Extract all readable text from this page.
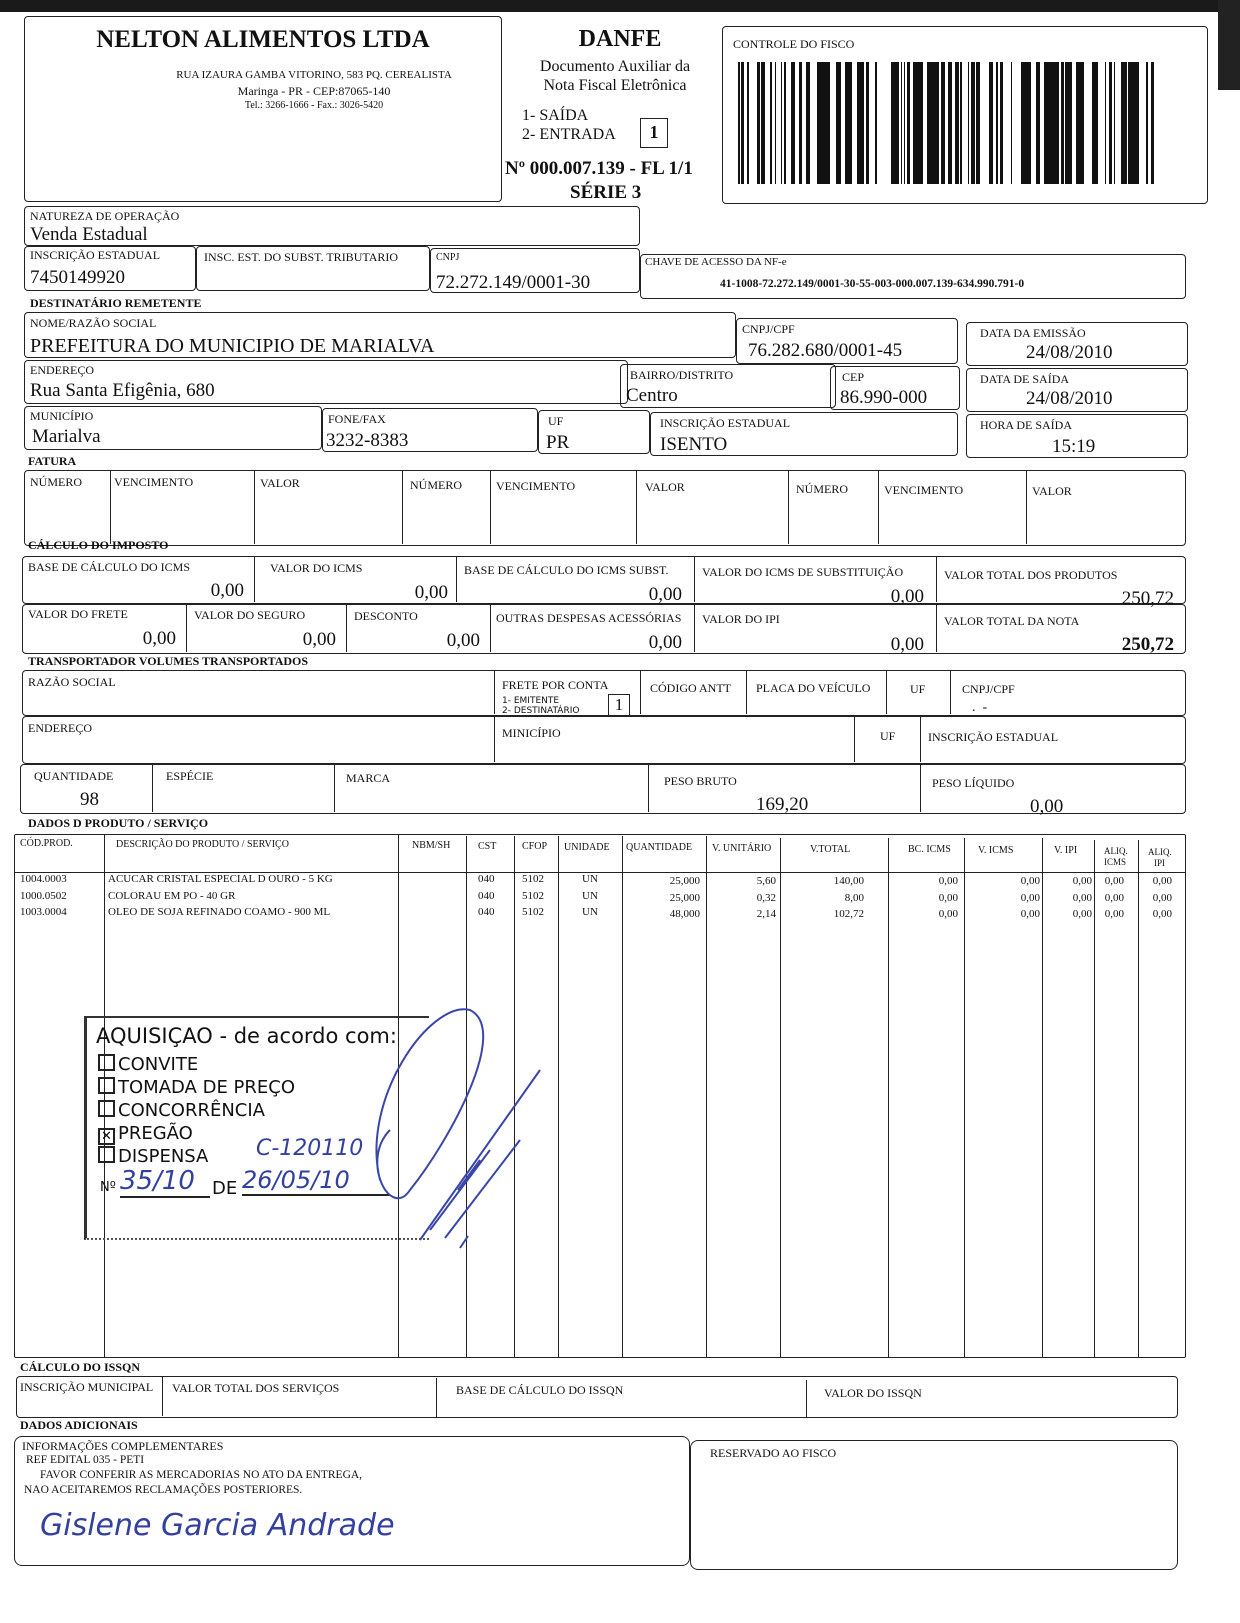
NELTON ALIMENTOS LTDA
RUA IZAURA GAMBA VITORINO, 583 PQ. CEREALISTA
Maringa - PR - CEP:87065-140
Tel.: 3266-1666 - Fax.: 3026-5420
DANFE
Documento Auxiliar da
Nota Fiscal Eletrônica
1- SAÍDA
2- ENTRADA	1
Nº 000.007.139 - FL 1/1
SÉRIE 3
CONTROLE DO FISCO
NATUREZA DE OPERAÇÃO
Venda Estadual
INSCRIÇÃO ESTADUAL
7450149920
INSC. EST. DO SUBST. TRIBUTARIO	CNPJ
72.272.149/0001-30
CHAVE DE ACESSO DA NF-e
41-1008-72.272.149/0001-30-55-003-000.007.139-634.990.791-0
DESTINATÁRIO REMETENTE
NOME/RAZÃO SOCIAL
PREFEITURA DO MUNICIPIO DE MARIALVA
CNPJ/CPF
76.282.680/0001-45
DATA DA EMISSÃO
24/08/2010
ENDEREÇO
Rua Santa Efigênia, 680
BAIRRO/DISTRITO
Centro
CEP
86.990-000
DATA DE SAÍDA
24/08/2010
MUNICÍPIO
Marialva
FONE/FAX
3232-8383
UF
PR
INSCRIÇÃO ESTADUAL
ISENTO
HORA DE SAÍDA
15:19
FATURA
NÚMERO	VENCIMENTO	VALOR	NÚMERO	VENCIMENTO	VALOR	NÚMERO	VENCIMENTO	VALOR
CÁLCULO DO IMPOSTO
BASE DE CÁLCULO DO ICMS
0,00
VALOR DO ICMS
0,00
BASE DE CÁLCULO DO ICMS SUBST.
0,00
VALOR DO ICMS DE SUBSTITUIÇÃO
0,00
VALOR TOTAL DOS PRODUTOS
250,72
VALOR DO FRETE
0,00
VALOR DO SEGURO
0,00
DESCONTO
0,00
OUTRAS DESPESAS ACESSÓRIAS
0,00
VALOR DO IPI
0,00
VALOR TOTAL DA NOTA
250,72
TRANSPORTADOR VOLUMES TRANSPORTADOS
RAZÃO SOCIAL	FRETE POR CONTA
1- EMITENTE
2- DESTINATÁRIO	1
CÓDIGO ANTT PLACA DO VEÍCULO	UF	CNPJ/CPF
.  -
ENDEREÇO	MINICÍPIO	UF	INSCRIÇÃO ESTADUAL
QUANTIDADE
98
ESPÉCIE	MARCA	PESO BRUTO
169,20
PESO LÍQUIDO
0,00
DADOS D PRODUTO / SERVIÇO
CÓD.PROD.	DESCRIÇÃO DO PRODUTO / SERVIÇO	NBM/SH	CST	CFOP UNIDADE QUANTIDADE V. UNITÁRIO	V.TOTAL	BC. ICMS	V. ICMS	V. IPI	ALIQ.
ICMS
ALIQ.
IPI
1004.0003	ACUCAR CRISTAL ESPECIAL D OURO - 5 KG	040	5102	UN	25,000	5,60	140,00	0,00	0,00	0,00	0,00	0,00
1000.0502	COLORAU EM PO - 40 GR	040	5102	UN	25,000	0,32	8,00	0,00	0,00	0,00	0,00	0,00
1003.0004	OLEO DE SOJA REFINADO COAMO - 900 ML	040	5102	UN	48,000	2,14	102,72	0,00	0,00	0,00	0,00	0,00
AQUISIÇAO - de acordo com:
CONVITE
TOMADA DE PREÇO
CONCORRÊNCIA
✕ PREGÃO
DISPENSA C-120110
Nº 35/10 DE 26/05/10
CÁLCULO DO ISSQN
INSCRIÇÃO MUNICIPAL VALOR TOTAL DOS SERVIÇOS	BASE DE CÁLCULO DO ISSQN	VALOR DO ISSQN
DADOS ADICIONAIS
INFORMAÇÕES COMPLEMENTARES
REF EDITAL 035 - PETI
FAVOR CONFERIR AS MERCADORIAS NO ATO DA ENTREGA,
NAO ACEITAREMOS RECLAMAÇÕES POSTERIORES.
Gislene Garcia Andrade
RESERVADO AO FISCO
